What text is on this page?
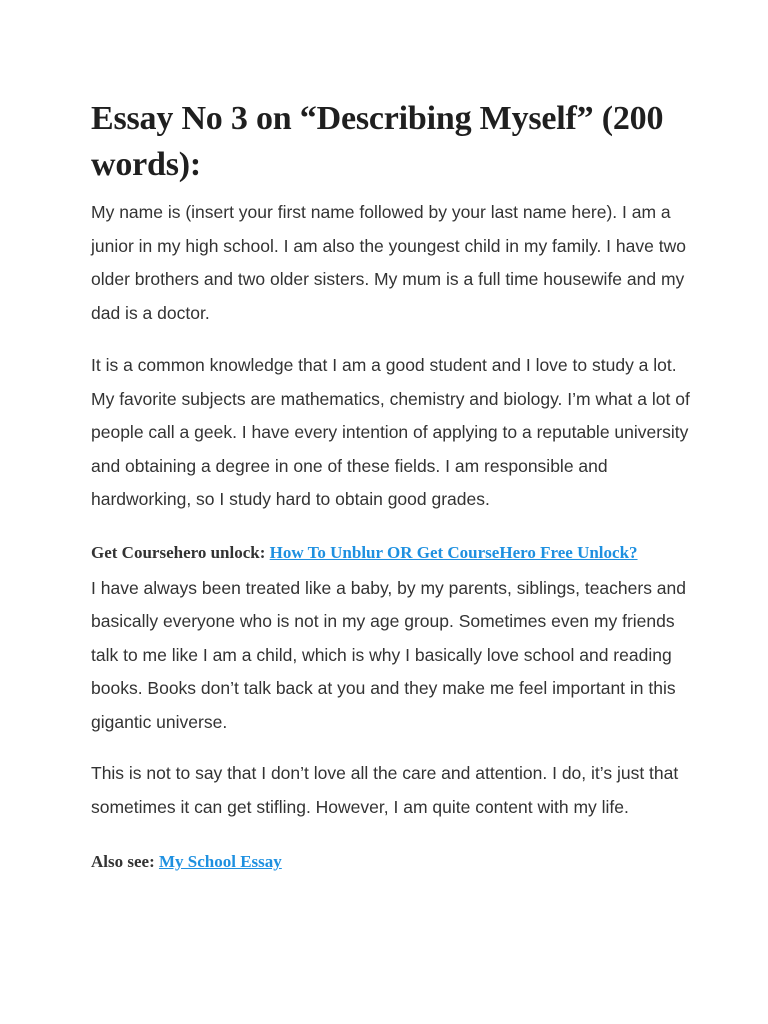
Essay No 3 on “Describing Myself” (200 words):

My name is (insert your first name followed by your last name here). I am a junior in my high school. I am also the youngest child in my family. I have two older brothers and two older sisters. My mum is a full time housewife and my dad is a doctor.

It is a common knowledge that I am a good student and I love to study a lot. My favorite subjects are mathematics, chemistry and biology. I’m what a lot of people call a geek. I have every intention of applying to a reputable university and obtaining a degree in one of these fields. I am responsible and hardworking, so I study hard to obtain good grades.

Get Coursehero unlock: How To Unblur OR Get CourseHero Free Unlock?

I have always been treated like a baby, by my parents, siblings, teachers and basically everyone who is not in my age group. Sometimes even my friends talk to me like I am a child, which is why I basically love school and reading books. Books don’t talk back at you and they make me feel important in this gigantic universe.

This is not to say that I don’t love all the care and attention. I do, it’s just that sometimes it can get stifling. However, I am quite content with my life.

Also see: My School Essay
